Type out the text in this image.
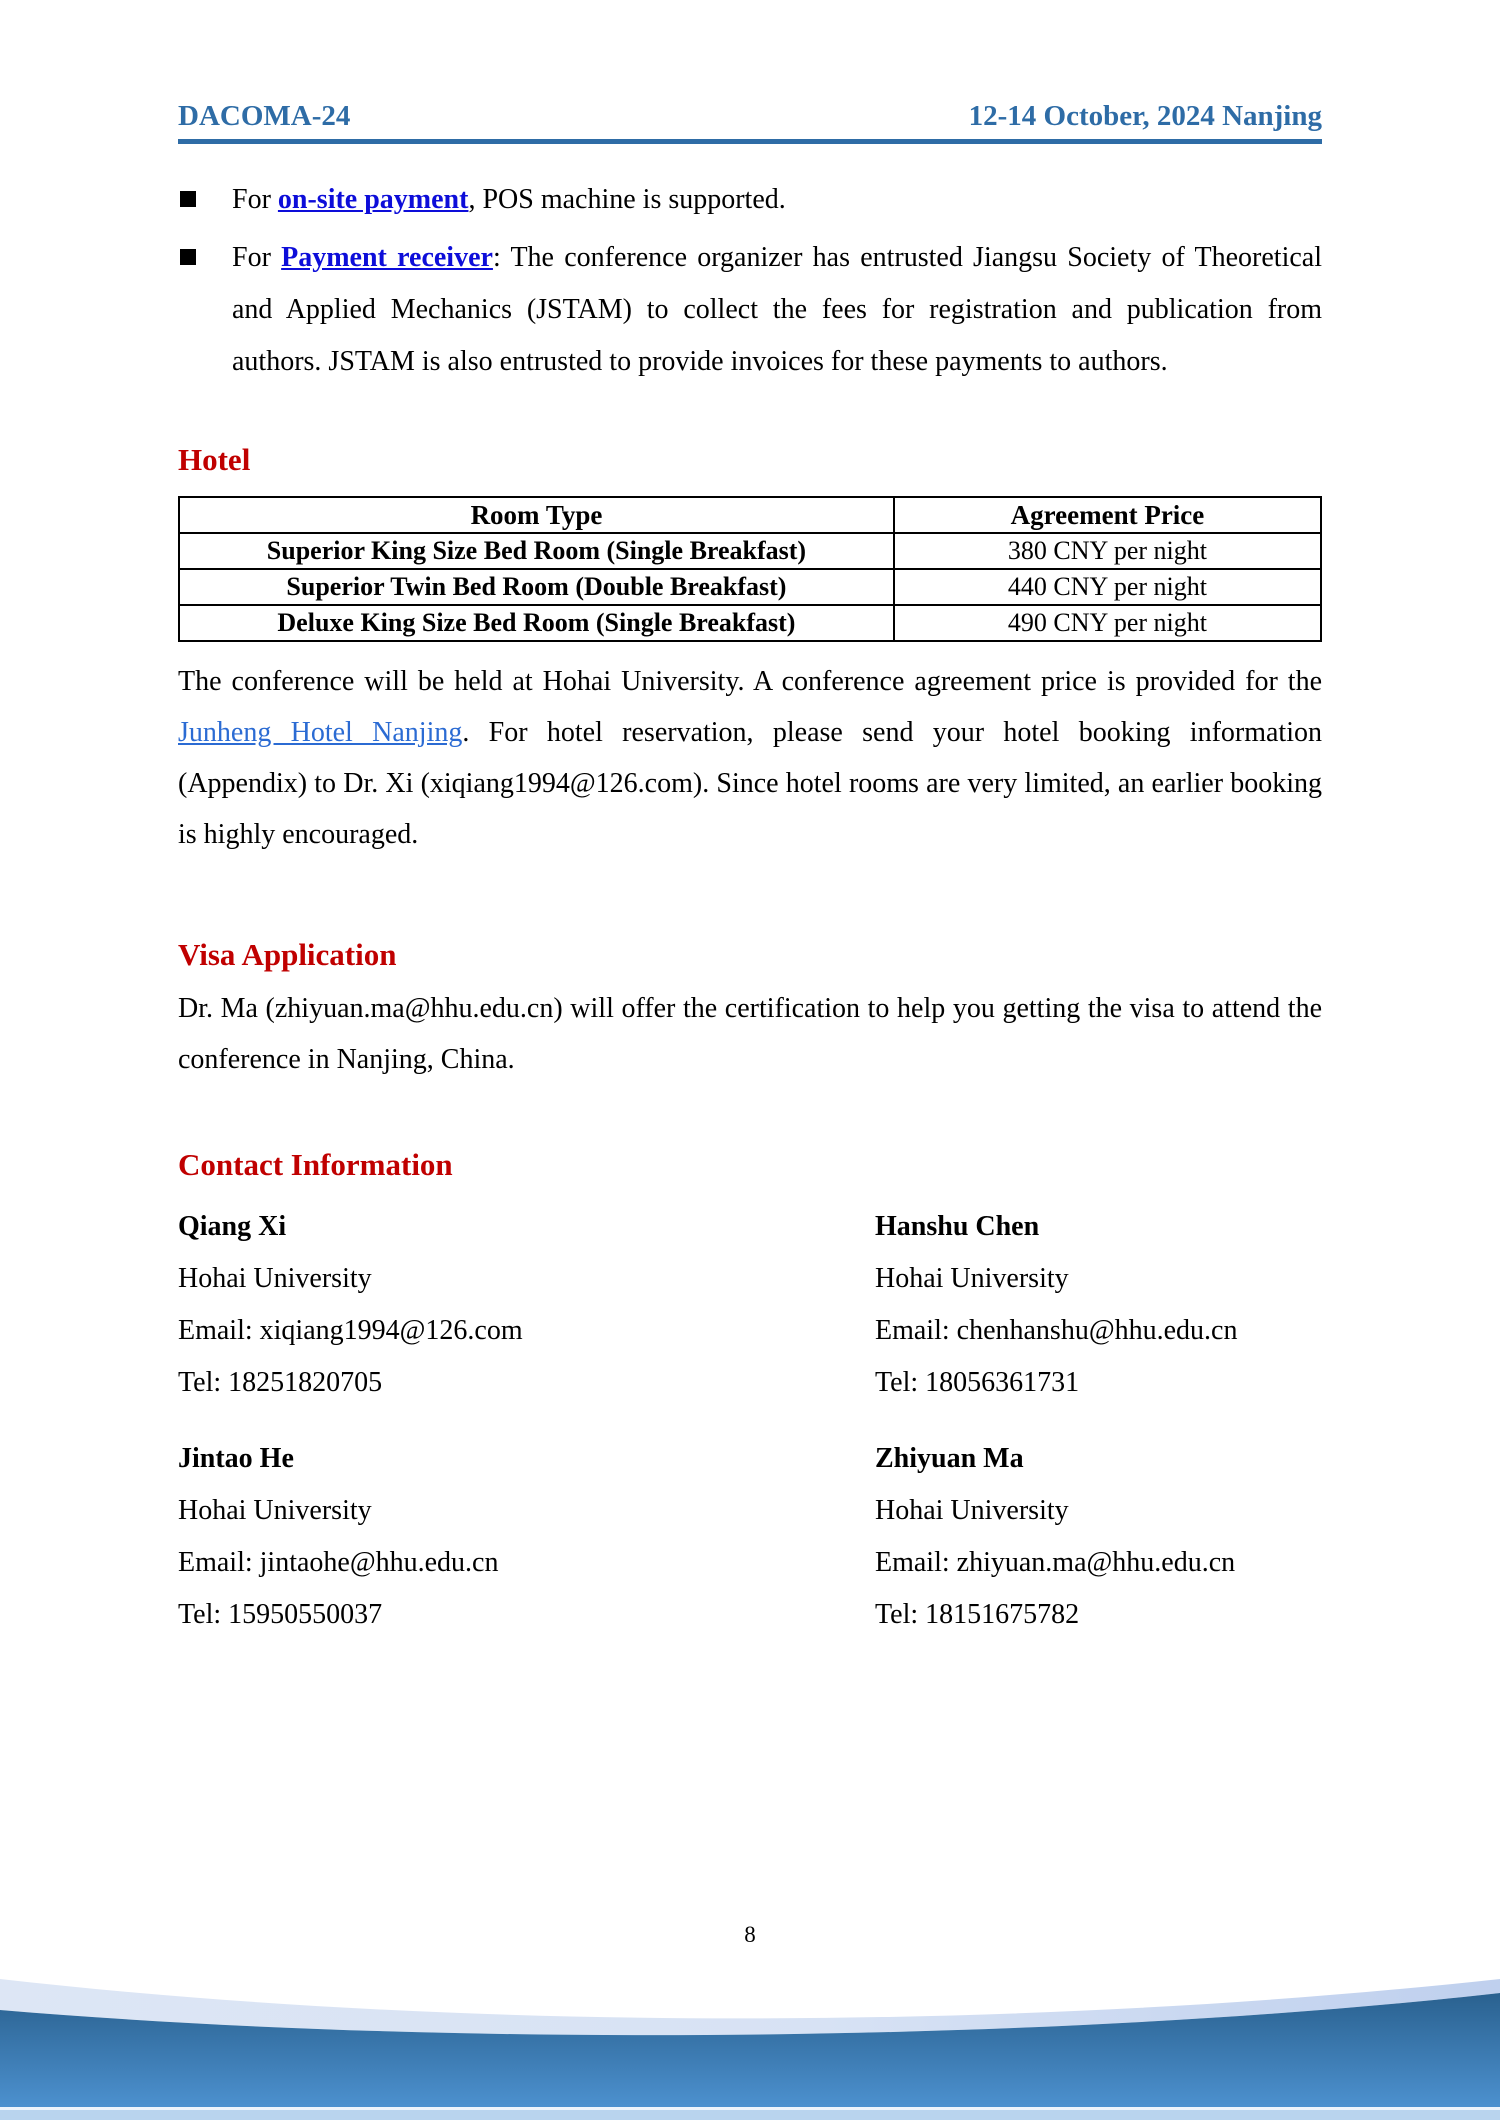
DACOMA-24	12-14 October, 2024 Nanjing
For on-site payment, POS machine is supported.
For Payment receiver: The conference organizer has entrusted Jiangsu Society of Theoretical and Applied Mechanics (JSTAM) to collect the fees for registration and publication from authors. JSTAM is also entrusted to provide invoices for these payments to authors.
Hotel
Room Type	Agreement Price
Superior King Size Bed Room (Single Breakfast)	380 CNY per night
Superior Twin Bed Room (Double Breakfast)	440 CNY per night
Deluxe King Size Bed Room (Single Breakfast)	490 CNY per night
The conference will be held at Hohai University. A conference agreement price is provided for the Junheng Hotel Nanjing. For hotel reservation, please send your hotel booking information (Appendix) to Dr. Xi (xiqiang1994@126.com). Since hotel rooms are very limited, an earlier booking is highly encouraged.
Visa Application
Dr. Ma (zhiyuan.ma@hhu.edu.cn) will offer the certification to help you getting the visa to attend the conference in Nanjing, China.
Contact Information
Qiang Xi
Hohai University
Email: xiqiang1994@126.com
Tel: 18251820705
Hanshu Chen
Hohai University
Email: chenhanshu@hhu.edu.cn
Tel: 18056361731
Jintao He
Hohai University
Email: jintaohe@hhu.edu.cn
Tel: 15950550037
Zhiyuan Ma
Hohai University
Email: zhiyuan.ma@hhu.edu.cn
Tel: 18151675782
8
